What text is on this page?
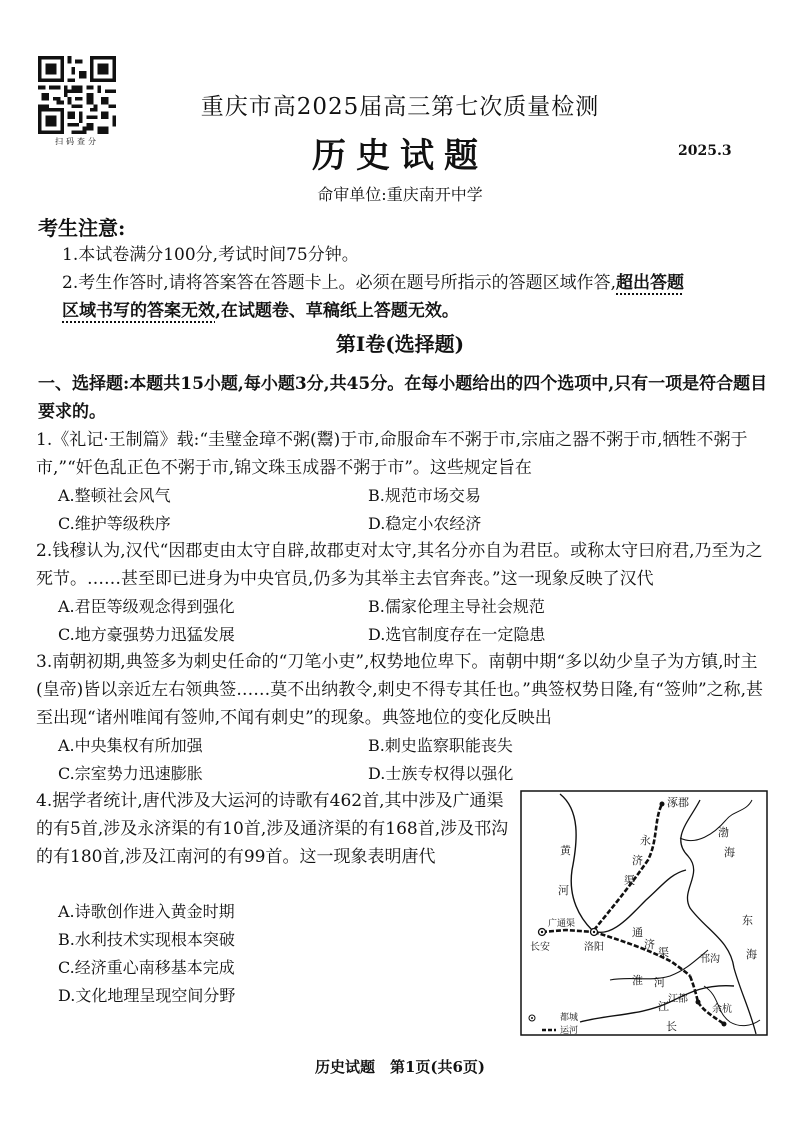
扫码查分
重庆市高2025届高三第七次质量检测
历史试题	2025.3
命审单位:重庆南开中学
考生注意:
1.本试卷满分100分,考试时间75分钟。
2.考生作答时,请将答案答在答题卡上。必须在题号所指示的答题区域作答,超出答题
区域书写的答案无效,在试题卷、草稿纸上答题无效。
第Ⅰ卷(选择题)
一、选择题:本题共15小题,每小题3分,共45分。在每小题给出的四个选项中,只有一项是符合题目要求的。
1.《礼记·王制篇》载:“圭璧金璋不粥(鬻)于市,命服命车不粥于市,宗庙之器不粥于市,牺牲不粥于市,”“奸色乱正色不粥于市,锦文珠玉成器不粥于市”。这些规定旨在
A.整顿社会风气	B.规范市场交易
C.维护等级秩序	D.稳定小农经济
2.钱穆认为,汉代“因郡吏由太守自辟,故郡吏对太守,其名分亦自为君臣。或称太守曰府君,乃至为之死节。……甚至即已进身为中央官员,仍多为其举主去官奔丧。”这一现象反映了汉代
A.君臣等级观念得到强化	B.儒家伦理主导社会规范
C.地方豪强势力迅猛发展	D.选官制度存在一定隐患
3.南朝初期,典签多为刺史任命的“刀笔小吏”,权势地位卑下。南朝中期“多以幼少皇子为方镇,时主(皇帝)皆以亲近左右领典签……莫不出纳教令,刺史不得专其任也。”典签权势日隆,有“签帅”之称,甚至出现“诸州唯闻有签帅,不闻有刺史”的现象。典签地位的变化反映出
A.中央集权有所加强	B.刺史监察职能丧失
C.宗室势力迅速膨胀	D.士族专权得以强化
4.据学者统计,唐代涉及大运河的诗歌有462首,其中涉及广通渠的有5首,涉及永济渠的有10首,涉及通济渠的有168首,涉及邗沟的有180首,涉及江南河的有99首。这一现象表明唐代
A.诗歌创作进入黄金时期
B.水利技术实现根本突破
C.经济重心南移基本完成
D.文化地理呈现空间分野
涿郡
渤
海
黄
河
永
济
渠
东
海
长安
广通渠
洛阳
通
济
渠
淮 河
邗沟
江都
江
长
余杭
都城
运河
历史试题　第1页(共6页)
